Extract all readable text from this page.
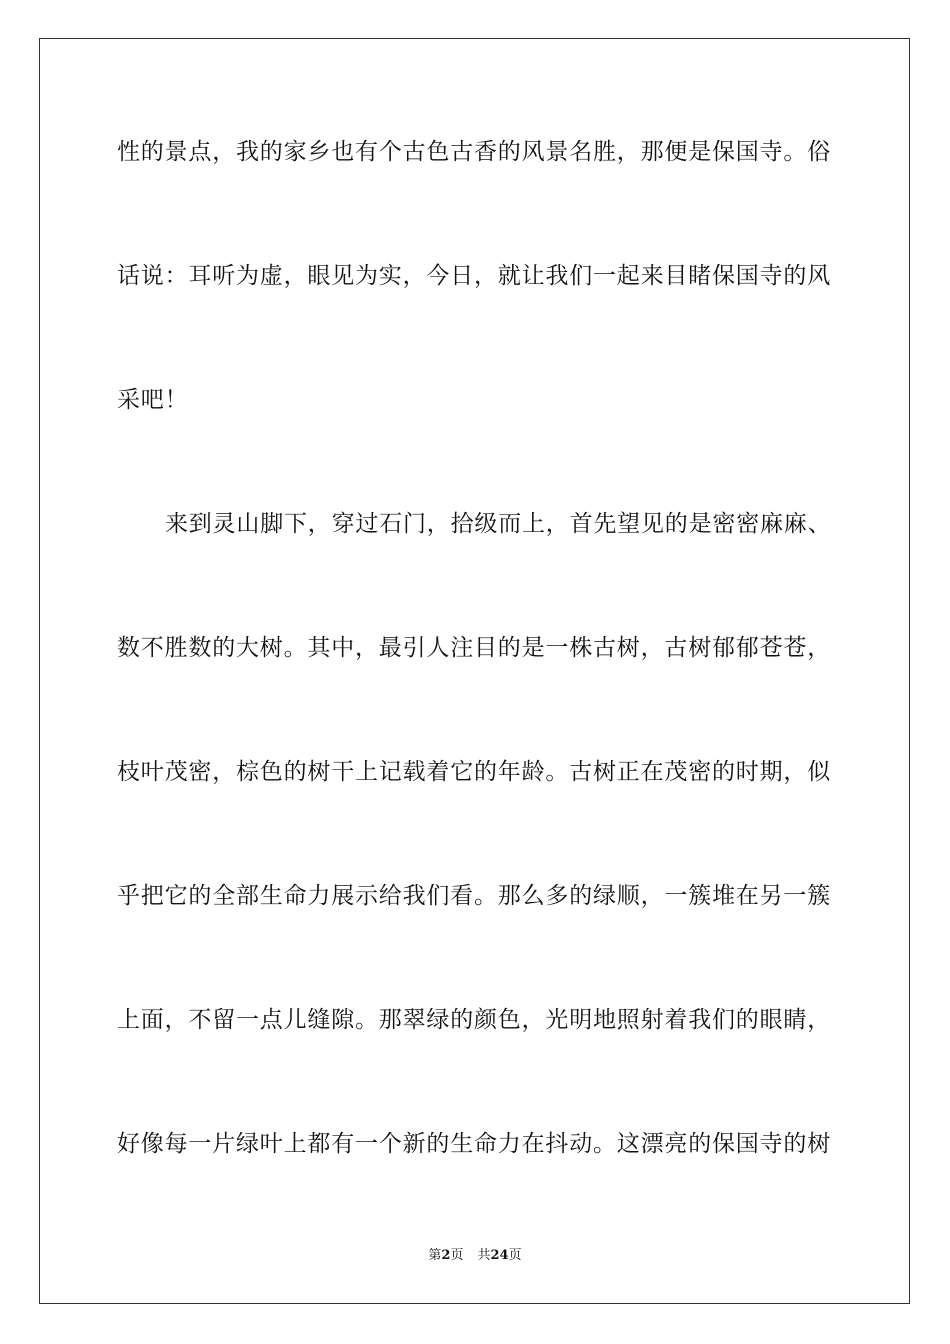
性的景点，我的家乡也有个古色古香的风景名胜，那便是保国寺。俗
话说：耳听为虚，眼见为实，今日，就让我们一起来目睹保国寺的风
采吧！
来到灵山脚下，穿过石门，拾级而上，首先望见的是密密麻麻、
数不胜数的大树。其中，最引人注目的是一株古树，古树郁郁苍苍，
枝叶茂密，棕色的树干上记载着它的年龄。古树正在茂密的时期，似
乎把它的全部生命力展示给我们看。那么多的绿顺，一簇堆在另一簇
上面，不留一点儿缝隙。那翠绿的颜色，光明地照射着我们的眼睛，
好像每一片绿叶上都有一个新的生命力在抖动。这漂亮的保国寺的树
第2页 共24页
